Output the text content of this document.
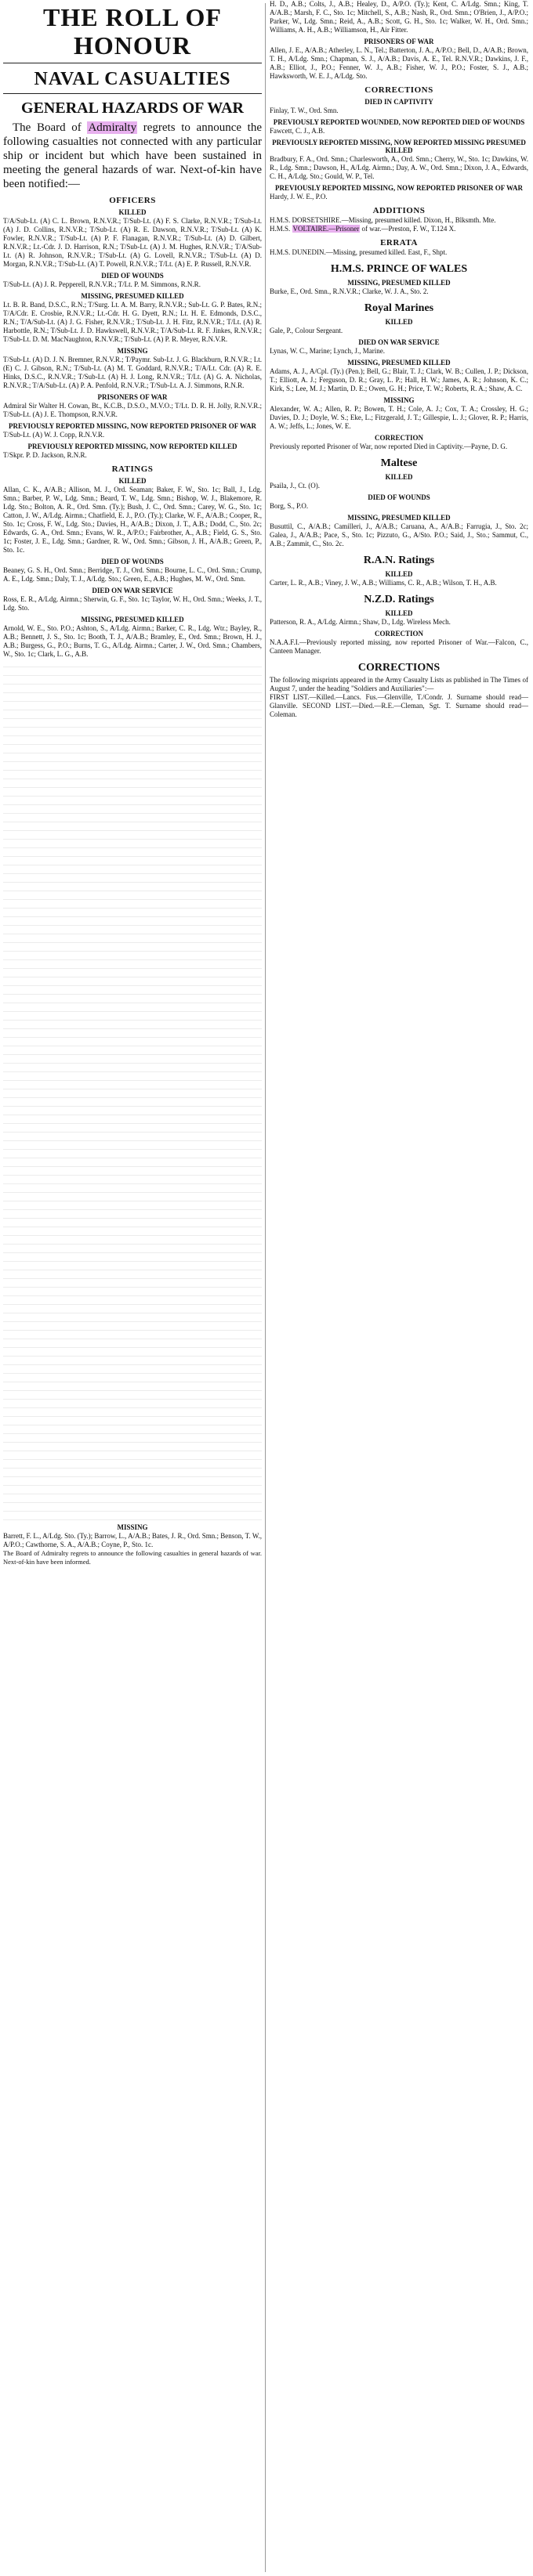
THE ROLL OF
HONOUR
NAVAL CASUALTIES
GENERAL HAZARDS OF WAR

The Board of Admiralty regrets to announce the following casualties not connected with any particular ship or incident but which have been sustained in meeting the general hazards of war. Next-of-kin have been notified:—

OFFICERS
KILLED

T/A/Sub-Lt. (A) C. L. Brown, R.N.V.R.; T/Sub-Lt. (A) F. S. Clarke, R.N.V.R.; T/Sub-Lt. (A) J. D. Collins, R.N.V.R.; T/Sub-Lt. (A) R. E. Dawson, R.N.V.R.; T/Sub-Lt. (A) K. Fowler, R.N.V.R.; T/Sub-Lt. (A) P. F. Flanagan, R.N.V.R.; T/Sub-Lt. (A) D. Gilbert, R.N.V.R.; Lt.-Cdr. J. D. Harrison, R.N.; T/Sub-Lt. (A) J. M. Hughes, R.N.V.R.; T/A/Sub-Lt. (A) R. Johnson, R.N.V.R.; T/Sub-Lt. (A) G. Lovell, R.N.V.R.; T/Sub-Lt. (A) D. Morgan, R.N.V.R.; T/Sub-Lt. (A) T. Powell, R.N.V.R.; T/Lt. (A) E. P. Russell, R.N.V.R.

DIED OF WOUNDS

T/Sub-Lt. (A) J. R. Pepperell, R.N.V.R.; T/Lt. P. M. Simmons, R.N.R.

MISSING, PRESUMED KILLED

Lt. B. R. Band, D.S.C., R.N.; T/Surg. Lt. A. M. Barry, R.N.V.R.; Sub-Lt. G. P. Bates, R.N.; T/A/Cdr. E. Crosbie, R.N.V.R.; Lt.-Cdr. H. G. Dyett, R.N.; Lt. H. E. Edmonds, D.S.C., R.N.; T/A/Sub-Lt. (A) J. G. Fisher, R.N.V.R.; T/Sub-Lt. J. H. Fitz, R.N.V.R.; T/Lt. (A) R. Harbottle, R.N.; T/Sub-Lt. J. D. Hawkswell, R.N.V.R.; T/A/Sub-Lt. R. F. Jinkes, R.N.V.R.; T/Sub-Lt. D. M. MacNaughton, R.N.V.R.; T/Sub-Lt. (A) P. R. Meyer, R.N.V.R.

MISSING

T/Sub-Lt. (A) D. J. N. Bremner, R.N.V.R.; T/Paymr. Sub-Lt. J. G. Blackburn, R.N.V.R.; Lt. (E) C. J. Gibson, R.N.; T/Sub-Lt. (A) M. T. Goddard, R.N.V.R.; T/A/Lt. Cdr. (A) R. E. Hinks, D.S.C., R.N.V.R.; T/Sub-Lt. (A) H. J. Long, R.N.V.R.; T/Lt. (A) G. A. Nicholas, R.N.V.R.; T/A/Sub-Lt. (A) P. A. Penfold, R.N.V.R.; T/Sub-Lt. A. J. Simmons, R.N.R.

PRISONERS OF WAR

Admiral Sir Walter H. Cowan, Bt., K.C.B., D.S.O., M.V.O.; T/Lt. D. R. H. Jolly, R.N.V.R.; T/Sub-Lt. (A) J. E. Thompson, R.N.V.R.

PREVIOUSLY REPORTED MISSING, NOW REPORTED PRISONER OF WAR

T/Sub-Lt. (A) W. J. Copp, R.N.V.R.

PREVIOUSLY REPORTED MISSING, NOW REPORTED KILLED

T/Skpr. P. D. Jackson, R.N.R.

RATINGS
KILLED

Allan, C. K., A/A.B.; Allison, M. J., Ord. Seaman; Baker, F. W., Sto. 1c; Ball, J., Ldg. Smn.; Barber, P. W., Ldg. Smn.; Beard, T. W., Ldg. Smn.; Bishop, W. J., Blakemore, R. Ldg. Sto.; Bolton, A. R., Ord. Smn. (Ty.); Bush, J. C., Ord. Smn.; Carey, W. G., Sto. 1c; Catton, J. W., A/Ldg. Airmn.; Chatfield, E. J., P.O. (Ty.); Clarke, W. F., A/A.B.; Cooper, R., Sto. 1c; Cross, F. W., Ldg. Sto.; Davies, H., A/A.B.; Dixon, J. T., A.B.; Dodd, C., Sto. 2c; Edwards, G. A., Ord. Smn.; Evans, W. R., A/P.O.; Fairbrother, A., A.B.; Field, G. S., Sto. 1c; Foster, J. E., Ldg. Smn.; Gardner, R. W., Ord. Smn.; Gibson, J. H., A/A.B.; Green, P., Sto. 1c.

DIED OF WOUNDS

Beaney, G. S. H., Ord. Smn.; Berridge, T. J., Ord. Smn.; Bourne, L. C., Ord. Smn.; Crump, A. E., Ldg. Smn.; Daly, T. J., A/Ldg. Sto.; Green, E., A.B.; Hughes, M. W., Ord. Smn.

DIED ON WAR SERVICE

Ross, E. R., A/Ldg. Airmn.; Sherwin, G. F., Sto. 1c; Taylor, W. H., Ord. Smn.; Weeks, J. T., Ldg. Sto.

MISSING, PRESUMED KILLED

Arnold, W. E., Sto. P.O.; Ashton, S., A/Ldg. Airmn.; Barker, C. R., Ldg. Wtr.; Bayley, R., A.B.; Bennett, J. S., Sto. 1c; Booth, T. J., A/A.B.; Bramley, E., Ord. Smn.; Brown, H. J., A.B.; Burgess, G., P.O.; Burns, T. G., A/Ldg. Airmn.; Carter, J. W., Ord. Smn.; Chambers, W., Sto. 1c; Clark, L. G., A.B.

MISSING

Barrett, F. L., A/Ldg. Sto. (Ty.); Barrow, L., A/A.B.; Bates, J. R., Ord. Smn.; Benson, T. W., A/P.O.; Cawthorne, S. A., A/A.B.; Coyne, P., Sto. 1c.

The Board of Admiralty regrets to announce the following casualties in general hazards of war. Next-of-kin have been informed.

H. D., A.B.; Colts, J., A.B.; Healey, D., A/P.O. (Ty.); Kent, C. A/Ldg. Smn.; King, T. A/A.B.; Marsh, F. C., Sto. 1c; Mitchell, S., A.B.; Nash, R., Ord. Smn.; O'Brien, J., A/P.O.; Parker, W., Ldg. Smn.; Reid, A., A.B.; Scott, G. H., Sto. 1c; Walker, W. H., Ord. Smn.; Williams, A. H., A.B.; Williamson, H., Air Fitter.

PRISONERS OF WAR

Allen, J. E., A/A.B.; Atherley, L. N., Tel.; Batterton, J. A., A/P.O.; Bell, D., A/A.B.; Brown, T. H., A/Ldg. Smn.; Chapman, S. J., A/A.B.; Davis, A. E., Tel. R.N.V.R.; Dawkins, J. F., A.B.; Elliot, J., P.O.; Fenner, W. J., A.B.; Fisher, W. J., P.O.; Foster, S. J., A.B.; Hawksworth, W. E. J., A/Ldg. Sto.

CORRECTIONS
DIED IN CAPTIVITY

Finlay, T. W., Ord. Smn.

PREVIOUSLY REPORTED WOUNDED, NOW REPORTED DIED OF WOUNDS

Fawcett, C. J., A.B.

PREVIOUSLY REPORTED MISSING, NOW REPORTED MISSING PRESUMED KILLED

Bradbury, F. A., Ord. Smn.; Charlesworth, A., Ord. Smn.; Cherry, W., Sto. 1c; Dawkins, W. R., Ldg. Smn.; Dawson, H., A/Ldg. Airmn.; Day, A. W., Ord. Smn.; Dixon, J. A., Edwards, C. H., A/Ldg. Sto.; Gould, W. P., Tel.

PREVIOUSLY REPORTED MISSING, NOW REPORTED PRISONER OF WAR

Hardy, J. W. E., P.O.

ADDITIONS

H.M.S. DORSETSHIRE.—Missing, presumed killed. Dixon, H., Blksmth. Mte.

H.M.S. VOLTAIRE.—Prisoner of war.—Preston, F. W., T.124 X.

ERRATA

H.M.S. DUNEDIN.—Missing, presumed killed. East, F., Shpt.

H.M.S. PRINCE OF WALES
MISSING, PRESUMED KILLED

Burke, E., Ord. Smn., R.N.V.R.; Clarke, W. J. A., Sto. 2.

Royal Marines
KILLED

Gale, P., Colour Sergeant.

DIED ON WAR SERVICE

Lynas, W. C., Marine; Lynch, J., Marine.

MISSING, PRESUMED KILLED

Adams, A. J., A/Cpl. (Ty.) (Pen.); Bell, G.; Blair, T. J.; Clark, W. B.; Cullen, J. P.; Dickson, T.; Elliott, A. J.; Ferguson, D. R.; Gray, L. P.; Hall, H. W.; James, A. R.; Johnson, K. C.; Kirk, S.; Lee, M. J.; Martin, D. E.; Owen, G. H.; Price, T. W.; Roberts, R. A.; Shaw, A. C.

MISSING

Alexander, W. A.; Allen, R. P.; Bowen, T. H.; Cole, A. J.; Cox, T. A.; Crossley, H. G.; Davies, D. J.; Doyle, W. S.; Eke, L.; Fitzgerald, J. T.; Gillespie, L. J.; Glover, R. P.; Harris, A. W.; Jeffs, L.; Jones, W. E.

CORRECTION

Previously reported Prisoner of War, now reported Died in Captivity.—Payne, D. G.

Maltese
KILLED

Psaila, J., Ct. (O).

DIED OF WOUNDS

Borg, S., P.O.

MISSING, PRESUMED KILLED

Busuttil, C., A/A.B.; Camilleri, J., A/A.B.; Caruana, A., A/A.B.; Farrugia, J., Sto. 2c; Galea, J., A/A.B.; Pace, S., Sto. 1c; Pizzuto, G., A/Sto. P.O.; Said, J., Sto.; Sammut, C., A.B.; Zammit, C., Sto. 2c.

R.A.N. Ratings
KILLED

Carter, L. R., A.B.; Viney, J. W., A.B.; Williams, C. R., A.B.; Wilson, T. H., A.B.

N.Z.D. Ratings
KILLED

Patterson, R. A., A/Ldg. Airmn.; Shaw, D., Ldg. Wireless Mech.

CORRECTION

N.A.A.F.I.—Previously reported missing, now reported Prisoner of War.—Falcon, C., Canteen Manager.

CORRECTIONS

The following misprints appeared in the Army Casualty Lists as published in The Times of August 7, under the heading "Soldiers and Auxiliaries":—

FIRST LIST.—Killed.—Lancs. Fus.—Glenville, T./Condr. J. Surname should read—Glanville. SECOND LIST.—Died.—R.E.—Cleman, Sgt. T. Surname should read—Coleman.
